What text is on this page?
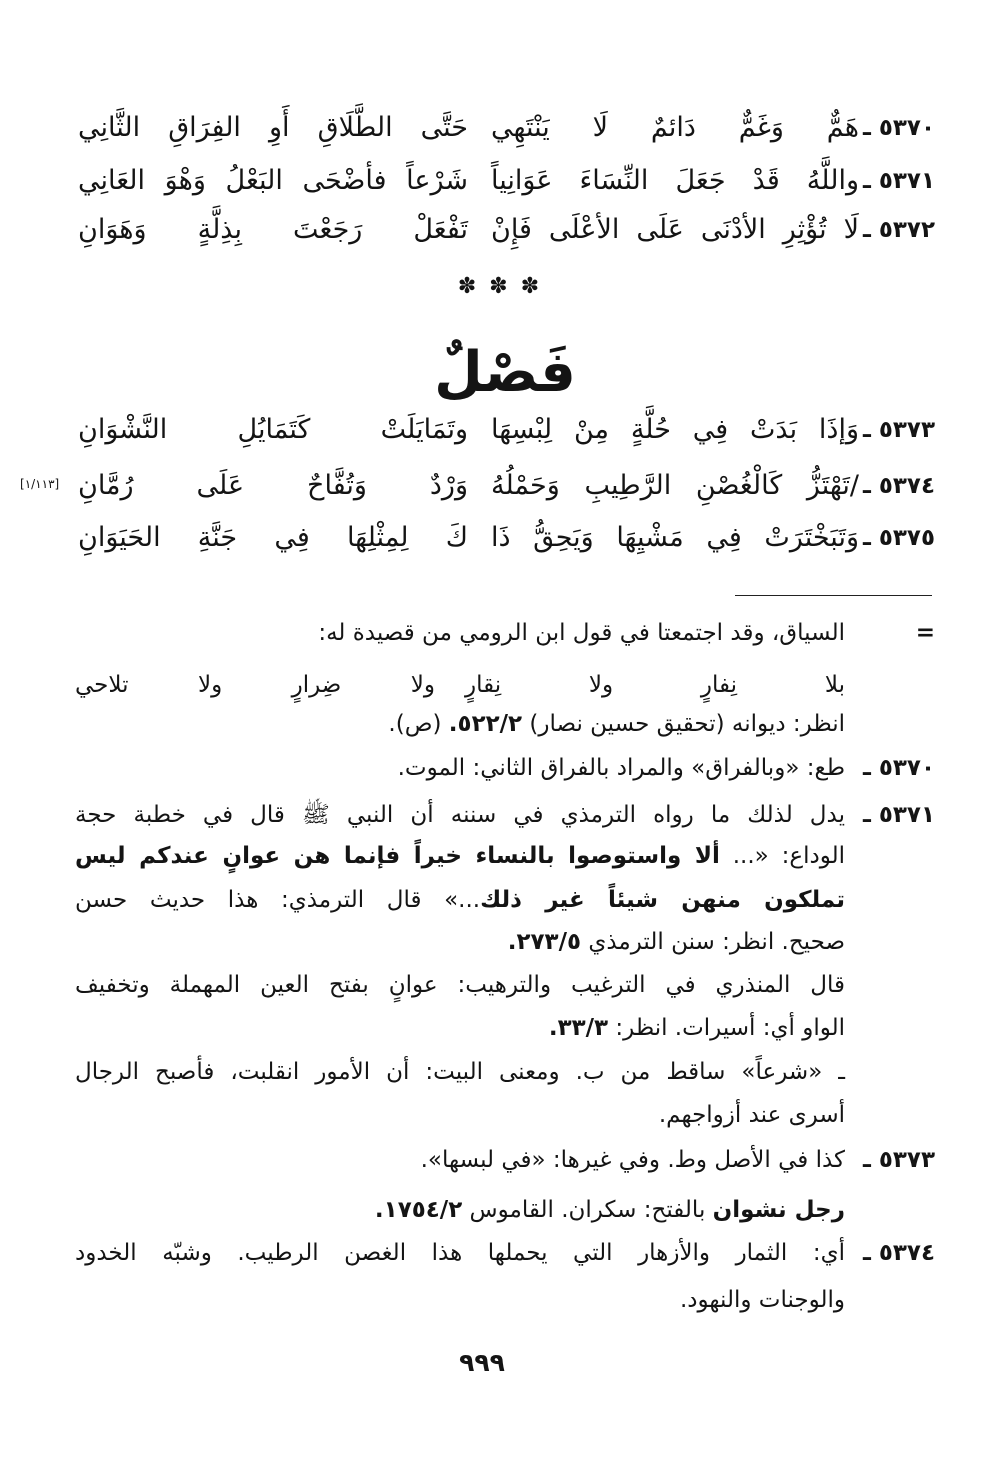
٥٣٧٠ ـ
هَمٌّ وَغَمٌّ دَائمٌ لَا يَنْتَهِي
حَتَّى الطَّلَاقِ أَوِ الفِرَاقِ الثَّانِي
٥٣٧١ ـ
واللَّهُ قَدْ جَعَلَ النِّسَاءَ عَوَانِياً
شَرْعاً فأضْحَى البَعْلُ وَهْوَ العَانِي
٥٣٧٢ ـ
لَا تُؤْثِرِ الأدْنَى عَلَى الأعْلَى فَإِنْ
تَفْعَلْ رَجَعْتَ بِذِلَّةٍ وَهَوَانِ
✽ ✽ ✽
فَصْلٌ
٥٣٧٣ ـ
وَإذَا بَدَتْ فِي حُلَّةٍ مِنْ لِبْسِهَا
وتَمَايَلَتْ كَتَمَايُلِ النَّشْوَانِ
٥٣٧٤ ـ
/تَهْتَزُّ كَالْغُصْنِ الرَّطِيبِ وَحَمْلُهُ
وَرْدٌ وَتُفَّاحٌ عَلَى رُمَّانِ
[١/١١٣]
٥٣٧٥ ـ
وَتَبَخْتَرَتْ فِي مَشْيِهَا وَيَحِقُّ ذَا
كَ لِمِثْلِهَا فِي جَنَّةِ الحَيَوَانِ
=
السياق، وقد اجتمعتا في قول ابن الرومي من قصيدة له:
بلا نِفارٍ ولا نِقارٍ
ولا ضِرارٍ ولا تلاحي
انظر: ديوانه (تحقيق حسين نصار) ٥٢٢/٢. (ص).
٥٣٧٠ ـ
طع: «وبالفراق» والمراد بالفراق الثاني: الموت.
٥٣٧١ ـ
يدل لذلك ما رواه الترمذي في سننه أن النبي ﷺ قال في خطبة حجة
الوداع: «... ألا واستوصوا بالنساء خيراً فإنما هن عوانٍ عندكم ليس
تملكون منهن شيئاً غير ذلك...» قال الترمذي: هذا حديث حسن
صحيح. انظر: سنن الترمذي ٢٧٣/٥.
قال المنذري في الترغيب والترهيب: عوانٍ بفتح العين المهملة وتخفيف
الواو أي: أسيرات. انظر: ٣٣/٣.
ـ «شرعاً» ساقط من ب. ومعنى البيت: أن الأمور انقلبت، فأصبح الرجال
أسرى عند أزواجهم.
٥٣٧٣ ـ
كذا في الأصل وط. وفي غيرها: «في لبسها».
رجل نشوان بالفتح: سكران. القاموس ١٧٥٤/٢.
٥٣٧٤ ـ
أي: الثمار والأزهار التي يحملها هذا الغصن الرطيب. وشبّه الخدود
والوجنات والنهود.
٩٩٩
